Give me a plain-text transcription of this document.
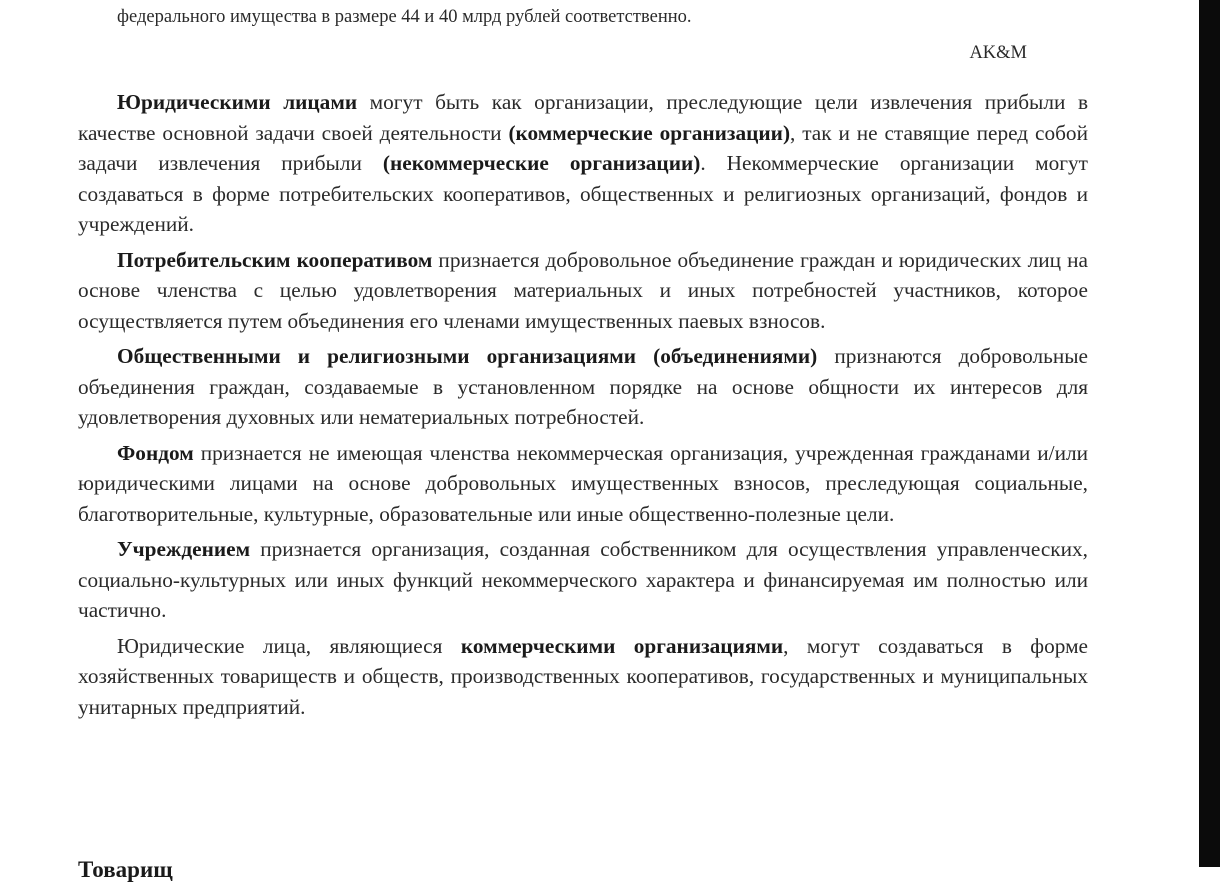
федерального имущества в размере 44 и 40 млрд рублей соответственно.
AK&M

Юридическими лицами могут быть как организации, преследующие цели извлечения прибыли в качестве основной задачи своей деятельности (коммерческие организации), так и не ставящие перед собой задачи извлечения прибыли (некоммерческие организации). Некоммерческие организации могут создаваться в форме потребительских кооперативов, общественных и религиозных организаций, фондов и учреждений.

Потребительским кооперативом признается добровольное объединение граждан и юридических лиц на основе членства с целью удовлетворения материальных и иных потребностей участников, которое осуществляется путем объединения его членами имущественных паевых взносов.

Общественными и религиозными организациями (объединениями) признаются добровольные объединения граждан, создаваемые в установленном порядке на основе общности их интересов для удовлетворения духовных или нематериальных потребностей.

Фондом признается не имеющая членства некоммерческая организация, учрежденная гражданами и/или юридическими лицами на основе добровольных имущественных взносов, преследующая социальные, благотворительные, культурные, образовательные или иные общественно-полезные цели.

Учреждением признается организация, созданная собственником для осуществления управленческих, социально-культурных или иных функций некоммерческого характера и финансируемая им полностью или частично.

Юридические лица, являющиеся коммерческими организациями, могут создаваться в форме хозяйственных товариществ и обществ, производственных кооперативов, государственных и муниципальных унитарных предприятий.

Товарищ
